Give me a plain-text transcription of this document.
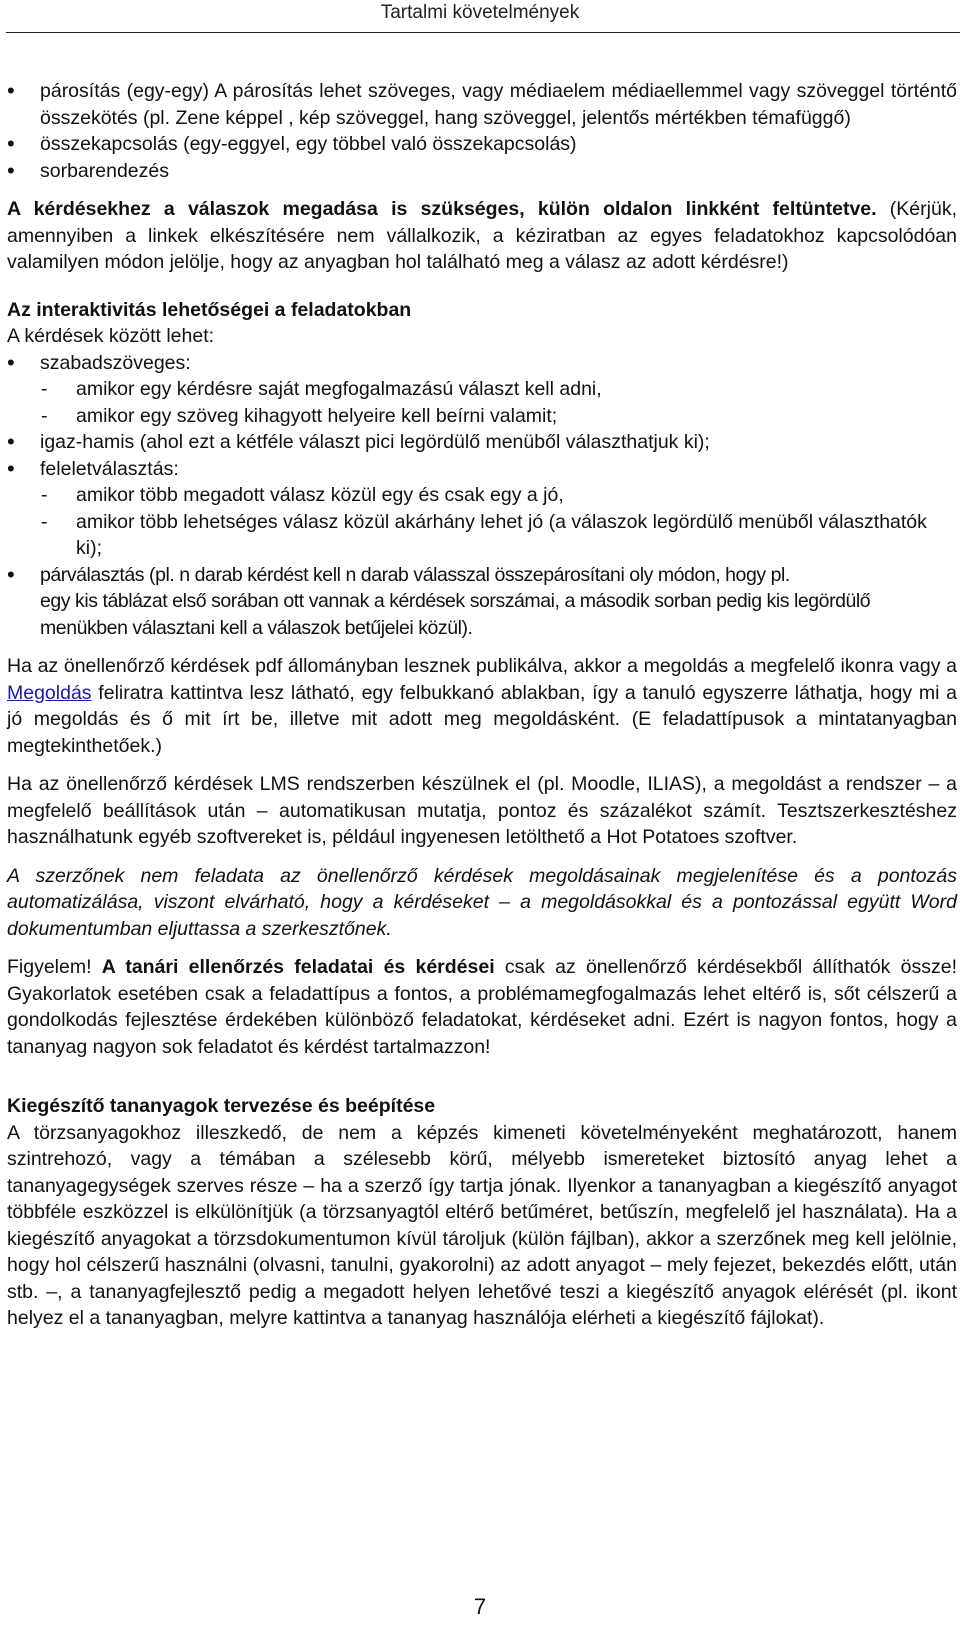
Tartalmi követelmények

• párosítás (egy-egy) A párosítás lehet szöveges, vagy médiaelem médiaellemmel vagy szöveggel történtő összekötés (pl. Zene képpel , kép szöveggel, hang szöveggel, jelentős mértékben témafüggő)

• összekapcsolás (egy-eggyel, egy többel való összekapcsolás)

• sorbarendezés

A kérdésekhez a válaszok megadása is szükséges, külön oldalon linkként feltüntetve. (Kérjük, amennyiben a linkek elkészítésére nem vállalkozik, a kéziratban az egyes feladatokhoz kapcsolódóan valamilyen módon jelölje, hogy az anyagban hol található meg a válasz az adott kérdésre!)

Az interaktivitás lehetőségei a feladatokban

A kérdések között lehet:

• szabadszöveges:

- amikor egy kérdésre saját megfogalmazású választ kell adni,

- amikor egy szöveg kihagyott helyeire kell beírni valamit;

• igaz-hamis (ahol ezt a kétféle választ pici legördülő menüből választhatjuk ki);

• feleletválasztás:

- amikor több megadott válasz közül egy és csak egy a jó,

- amikor több lehetséges válasz közül akárhány lehet jó (a válaszok legördülő menüből választhatók ki);

• párválasztás (pl. n darab kérdést kell n darab válasszal összepárosítani oly módon, hogy pl.

egy kis táblázat első sorában ott vannak a kérdések sorszámai, a második sorban pedig kis legördülő menükben választani kell a válaszok betűjelei közül).

Ha az önellenőrző kérdések pdf állományban lesznek publikálva, akkor a megoldás a megfelelő ikonra vagy a Megoldás feliratra kattintva lesz látható, egy felbukkanó ablakban, így a tanuló egyszerre láthatja, hogy mi a jó megoldás és ő mit írt be, illetve mit adott meg megoldásként. (E feladattípusok a mintatanyagban megtekinthetőek.)

Ha az önellenőrző kérdések LMS rendszerben készülnek el (pl. Moodle, ILIAS), a megoldást a rendszer – a megfelelő beállítások után – automatikusan mutatja, pontoz és százalékot számít. Tesztszerkesztéshez használhatunk egyéb szoftvereket is, például ingyenesen letölthető a Hot Potatoes szoftver.

A szerzőnek nem feladata az önellenőrző kérdések megoldásainak megjelenítése és a pontozás automatizálása, viszont elvárható, hogy a kérdéseket – a megoldásokkal és a pontozással együtt Word dokumentumban eljuttassa a szerkesztőnek.

Figyelem! A tanári ellenőrzés feladatai és kérdései csak az önellenőrző kérdésekből állíthatók össze! Gyakorlatok esetében csak a feladattípus a fontos, a problémamegfogalmazás lehet eltérő is, sőt célszerű a gondolkodás fejlesztése érdekében különböző feladatokat, kérdéseket adni. Ezért is nagyon fontos, hogy a tananyag nagyon sok feladatot és kérdést tartalmazzon!

Kiegészítő tananyagok tervezése és beépítése

A törzsanyagokhoz illeszkedő, de nem a képzés kimeneti követelményeként meghatározott, hanem szintrehozó, vagy a témában a szélesebb körű, mélyebb ismereteket biztosító anyag lehet a tananyagegységek szerves része – ha a szerző így tartja jónak. Ilyenkor a tananyagban a kiegészítő anyagot többféle eszközzel is elkülönítjük (a törzsanyagtól eltérő betűméret, betűszín, megfelelő jel használata). Ha a kiegészítő anyagokat a törzsdokumentumon kívül tároljuk (külön fájlban), akkor a szerzőnek meg kell jelölnie, hogy hol célszerű használni (olvasni, tanulni, gyakorolni) az adott anyagot – mely fejezet, bekezdés előtt, után stb. –, a tananyagfejlesztő pedig a megadott helyen lehetővé teszi a kiegészítő anyagok elérését (pl. ikont helyez el a tananyagban, melyre kattintva a tananyag használója elérheti a kiegészítő fájlokat).

7
